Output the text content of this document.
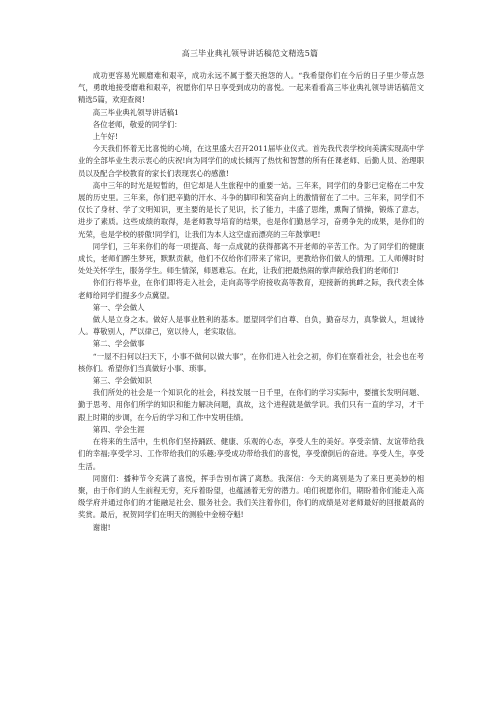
高三毕业典礼领导讲话稿范文精选5篇

成功更容易光顾磨难和艰辛，成功永远不属于整天抱怨的人。“我希望你们在今后的日子里少带点怨气，勇敢地接受磨难和艰辛，祝愿你们早日享受到成功的喜悦。一起来看看高三毕业典礼领导讲话稿范文精选5篇，欢迎查阅!

高三毕业典礼领导讲话稿1

各位老师，敬爱的同学们：

上午好!

今天我们怀着无比喜悦的心境，在这里盛大召开2011届毕业仪式。首先我代表学校向美满实现高中学业的全部毕业生表示衷心的庆祝!向为同学们的成长倾泻了热忱和智慧的所有任课老师、后勤人员、治理职员以及配合学校教育的家长们表现衷心的感激!

高中三年的时光是短暂的，但它却是人生旅程中的重要一站。三年来，同学们的身影已定格在二中发展的历史里。三年来，你们把辛勤的汗水、斗争的脚印和笑奋向上的激情留在了二中。三年来，同学们不仅长了身材、学了文明知识，更主要的是长了见识，长了能力，丰盛了思维，熏陶了情操，锻炼了意志，进步了素质。这些成绩的取得，是老师教导培育的结果，也是你们勤恳学习，奋勇争先的成果，是你们的光荣，也是学校的骄傲!同学们，让我们为本人这空虚而漂亮的三年鼓掌吧!

同学们，三年来你们的每一项提高、每一点成就的获得都离不开老师的辛苦工作。为了同学们的健康成长，老师们醉生梦死，默默贡献，他们不仅给你们带来了常识，更教给你们做人的情理。工人师傅时时处处关怀学生，服务学生。师生情深，师恩难忘。在此，让我们把最热闹的掌声献给我们的老师们!

你们行将毕业，在你们即将走入社会，走向高等学府接收高等教育，迎接新的挑衅之际，我代表全体老师给同学们提多少点冀望。

第一、学会做人

做人是立身之本。做好人是事业胜利的基本。愿望同学们自尊、自负，勤奋尽力，真挚做人，坦诚待人。尊敬别人，严以律己，宽以待人，老实取信。

第二、学会做事

“一屋不扫何以扫天下，小事不做何以做大事”，在你们进入社会之初，你们在察看社会，社会也在考核你们。希望你们当真做好小事、琐事。

第三、学会做知识

我们所处的社会是一个知识化的社会，科技发展一日千里，在你们的学习实际中，要擅长发明问题、勤于思考、用你们所学的知识和能力解决问题，真故，这个进程就是做学识。我们只有一直的学习，才干跟上时期的步调，在今后的学习和工作中发明佳绩。

第四、学会生涯

在将来的生活中，生机你们坚持踊跃、健康、乐观的心态，享受人生的美好。享受亲情、友谊带给我们的幸福;享受学习、工作带给我们的乐趣;享受成功带给我们的喜悦，享受潦倒后的奋进。享受人生，享受生活。

同窗们：播种节令充满了喜悦，挥手告别布满了离愁。我深信：今天的离别是为了来日更美妙的相聚，由于你们的人生前程无穷，充斥着盼望，也蕴涵着无穷的潜力。咱们祝愿你们，期盼着你们能走入高级学府并通过你们的才能融足社会、服务社会。我们关注着你们，你们的成绩是对老师最好的回报最高的奖赏。最后，祝贺同学们在明天的测验中金榜夺魁!

谢谢!
